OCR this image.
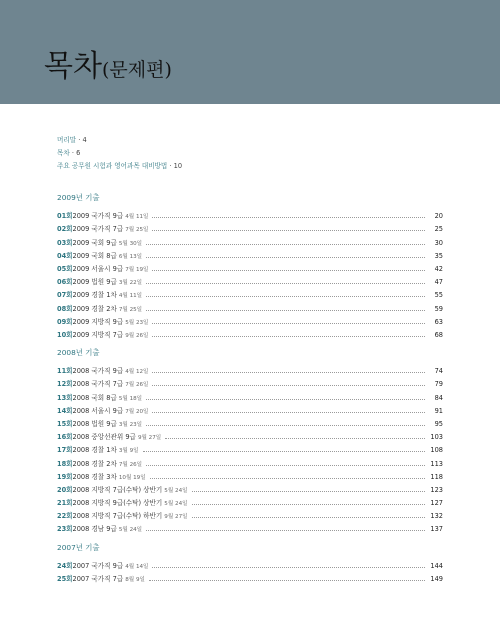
목차(문제편)
머리말 · 4
목차 · 6
주요 공무원 시험과 영어과목 대비방법 · 10
2009년 기출
01회 2009 국가직 9급 4월 11일	20
02회 2009 국가직 7급 7월 25일	25
03회 2009 국회 9급 5월 30일	30
04회 2009 국회 8급 6월 13일	35
05회 2009 서울시 9급 7월 19일	42
06회 2009 법원 9급 3월 22일	47
07회 2009 경찰 1차 4월 11일	55
08회 2009 경찰 2차 7월 25일	59
09회 2009 지방직 9급 5월 23일	63
10회 2009 지방직 7급 9월 26일	68
2008년 기출
11회 2008 국가직 9급 4월 12일	74
12회 2008 국가직 7급 7월 26일	79
13회 2008 국회 8급 5월 18일	84
14회 2008 서울시 9급 7월 20일	91
15회 2008 법원 9급 3월 23일	95
16회 2008 중앙선관위 9급 9월 27일	103
17회 2008 경찰 1차 3월 9일	108
18회 2008 경찰 2차 7월 26일	113
19회 2008 경찰 3차 10월 19일	118
20회 2008 지방직 7급(수탁) 상반기 5월 24일	123
21회 2008 지방직 9급(수탁) 상반기 5월 24일	127
22회 2008 지방직 7급(수탁) 하반기 9월 27일	132
23회 2008 경남 9급 5월 24일	137
2007년 기출
24회 2007 국가직 9급 4월 14일	144
25회 2007 국가직 7급 8월 9일	149
